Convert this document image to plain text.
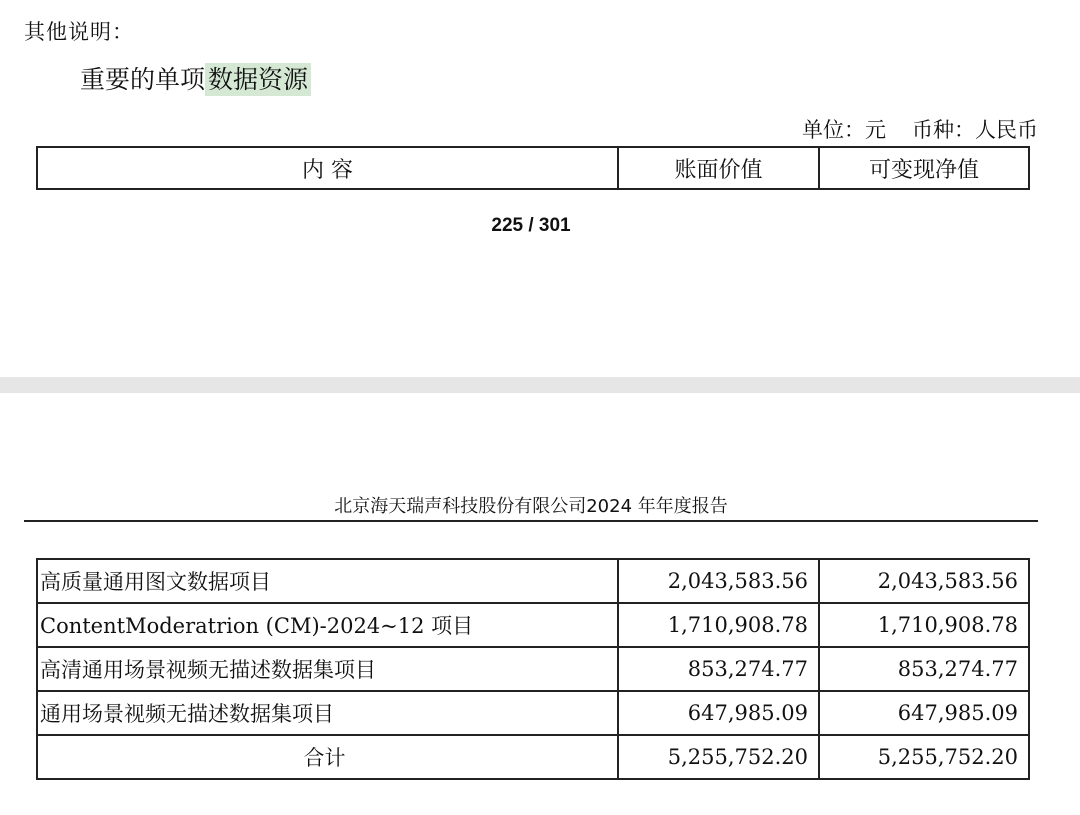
其他说明：
重要的单项 数据资源
单位：元 币种：人民币
内 容	账面价值	可变现净值
225 / 301
北京海天瑞声科技股份有限公司2024 年年度报告
高质量通用图文数据项目	2,043,583.56	2,043,583.56
ContentModeratrion (CM)-2024~12 项目	1,710,908.78	1,710,908.78
高清通用场景视频无描述数据集项目	853,274.77	853,274.77
通用场景视频无描述数据集项目	647,985.09	647,985.09
合计	5,255,752.20	5,255,752.20
